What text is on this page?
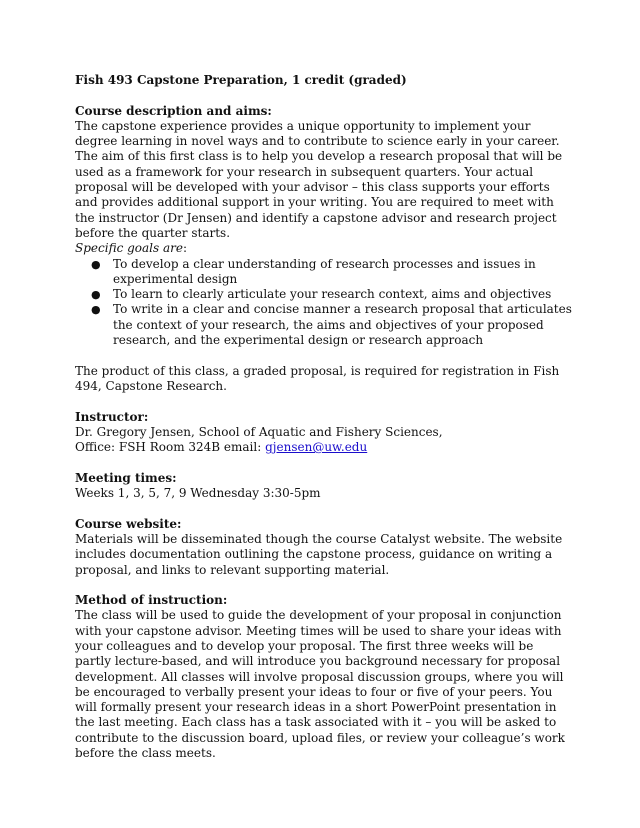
Fish 493 Capstone Preparation, 1 credit (graded)

Course description and aims:

The capstone experience provides a unique opportunity to implement your degree learning in novel ways and to contribute to science early in your career. The aim of this first class is to help you develop a research proposal that will be used as a framework for your research in subsequent quarters. Your actual proposal will be developed with your advisor – this class supports your efforts and provides additional support in your writing. You are required to meet with the instructor (Dr Jensen) and identify a capstone advisor and research project before the quarter starts.

Specific goals are:

● To develop a clear understanding of research processes and issues in experimental design
● To learn to clearly articulate your research context, aims and objectives
● To write in a clear and concise manner a research proposal that articulates the context of your research, the aims and objectives of your proposed research, and the experimental design or research approach

The product of this class, a graded proposal, is required for registration in Fish 494, Capstone Research.

Instructor:

Dr. Gregory Jensen, School of Aquatic and Fishery Sciences,

Office: FSH Room 324B email: gjensen@uw.edu

Meeting times:

Weeks 1, 3, 5, 7, 9 Wednesday 3:30-5pm

Course website:

Materials will be disseminated though the course Catalyst website. The website includes documentation outlining the capstone process, guidance on writing a proposal, and links to relevant supporting material.

Method of instruction:

The class will be used to guide the development of your proposal in conjunction with your capstone advisor. Meeting times will be used to share your ideas with your colleagues and to develop your proposal. The first three weeks will be partly lecture-based, and will introduce you background necessary for proposal development. All classes will involve proposal discussion groups, where you will be encouraged to verbally present your ideas to four or five of your peers. You will formally present your research ideas in a short PowerPoint presentation in the last meeting. Each class has a task associated with it – you will be asked to contribute to the discussion board, upload files, or review your colleague’s work before the class meets.
